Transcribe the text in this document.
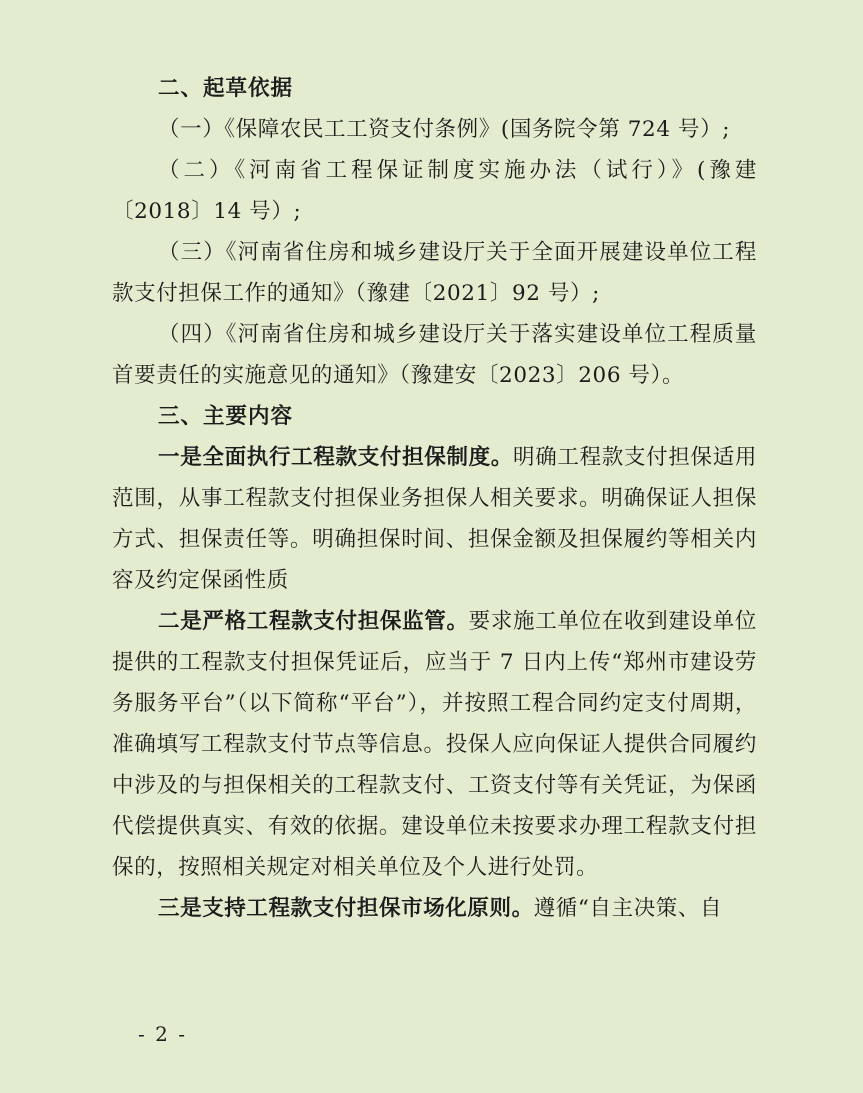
二、起草依据

（一）《保障农民工工资支付条例》(国务院令第 724 号）;

（二）《河南省工程保证制度实施办法（试行）》(豫建〔2018〕14 号）;

（三）《河南省住房和城乡建设厅关于全面开展建设单位工程款支付担保工作的通知》（豫建〔2021〕92 号）;

（四）《河南省住房和城乡建设厅关于落实建设单位工程质量首要责任的实施意见的通知》（豫建安〔2023〕206 号）。

三、主要内容

一是全面执行工程款支付担保制度。明确工程款支付担保适用范围，从事工程款支付担保业务担保人相关要求。明确保证人担保方式、担保责任等。明确担保时间、担保金额及担保履约等相关内容及约定保函性质

二是严格工程款支付担保监管。要求施工单位在收到建设单位提供的工程款支付担保凭证后，应当于 7 日内上传“郑州市建设劳务服务平台”（以下简称“平台”），并按照工程合同约定支付周期，准确填写工程款支付节点等信息。投保人应向保证人提供合同履约中涉及的与担保相关的工程款支付、工资支付等有关凭证，为保函代偿提供真实、有效的依据。建设单位未按要求办理工程款支付担保的，按照相关规定对相关单位及个人进行处罚。

三是支持工程款支付担保市场化原则。遵循“自主决策、自

- 2 -
